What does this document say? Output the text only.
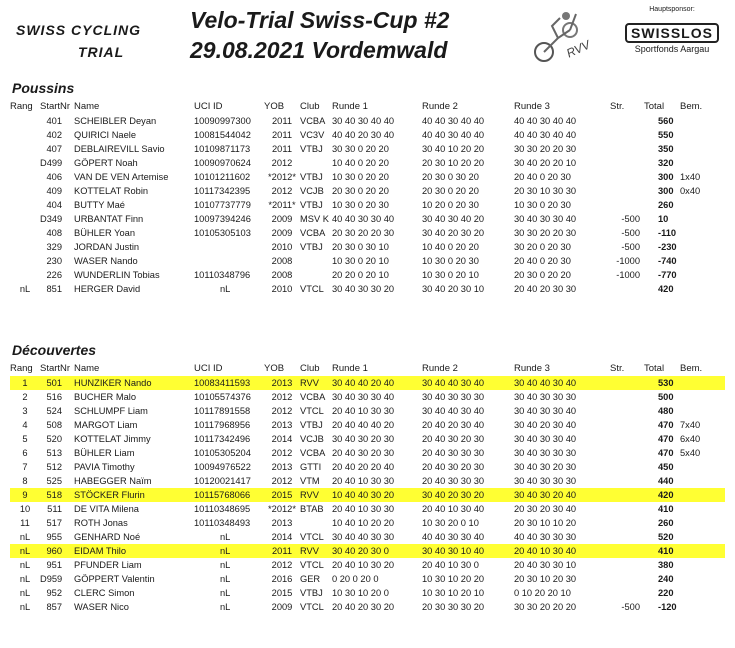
SWISS CYCLING
TRIAL
Velo-Trial Swiss-Cup #2
29.08.2021 Vordemwald	RVV
Hauptsponsor:
SWISSLOS
Sportfonds Aargau
Poussins
Rang	StartNr	Name	UCI ID	YOB	Club	Runde 1	Runde 2	Runde 3	Str.	Total	Bem.
	401	SCHEIBLER Deyan	10090997300	2011	VCBA	30 40 30 40 40	40 40 30 40 40	40 40 30 40 40		560	
	402	QUIRICI Naele	10081544042	2011	VC3V	40 40 20 30 40	40 40 30 40 40	40 40 30 40 40		550	
	407	DEBLAIREVILL Savio	10109871173	2011	VTBJ	30 30 0 20 20	30 40 10 20 20	30 30 20 20 30		350	
	D499	GÖPERT Noah	10090970624	2012		10 40 0 20 20	20 30 10 20 20	30 40 20 20 10		320	
	406	VAN DE VEN Artemise	10101211602	*2012*	VTBJ	10 30 0 20 20	20 30 0 30 20	20 40 0 20 30		300	1x40
	409	KOTTELAT Robin	10117342395	2012	VCJB	20 30 0 20 20	20 30 0 20 20	20 30 10 30 30		300	0x40
	404	BUTTY Maé	10107737779	*2011*	VTBJ	10 30 0 20 30	10 20 0 20 30	10 30 0 20 30		260	
	D349	URBANTAT Finn	10097394246	2009	MSV K	40 40 30 30 40	30 40 30 40 20	30 40 30 30 40	-500	10	
	408	BÜHLER Yoan	10105305103	2009	VCBA	20 30 20 20 30	30 40 20 30 20	30 30 20 20 30	-500	-110	
	329	JORDAN Justin		2010	VTBJ	20 30 0 30 10	10 40 0 20 20	30 20 0 20 30	-500	-230	
	230	WASER Nando		2008		10 30 0 20 10	10 30 0 20 30	20 40 0 20 30	-1000	-740	
	226	WUNDERLIN Tobias	10110348796	2008		20 20 0 20 10	10 30 0 20 10	20 30 0 20 20	-1000	-770	
nL	851	HERGER David	nL	2010	VTCL	30 40 30 30 20	30 40 20 30 10	20 40 20 30 30		420	
Découvertes
Rang	StartNr	Name	UCI ID	YOB	Club	Runde 1	Runde 2	Runde 3	Str.	Total	Bem.
1	501	HUNZIKER Nando	10083411593	2013	RVV	30 40 40 20 40	30 40 40 30 40	30 40 40 30 40		530	
2	516	BUCHER Malo	10105574376	2012	VCBA	30 40 30 30 40	30 40 30 30 30	30 40 30 30 30		500	
3	524	SCHLUMPF Liam	10117891558	2012	VTCL	20 40 10 30 30	30 40 40 30 40	30 40 30 30 40		480	
4	508	MARGOT Liam	10117968956	2013	VTBJ	20 40 40 40 20	20 40 20 30 40	30 40 20 30 40		470	7x40
5	520	KOTTELAT Jimmy	10117342496	2014	VCJB	30 40 30 20 30	20 40 30 20 30	30 40 30 30 40		470	6x40
6	513	BÜHLER Liam	10105305204	2012	VCBA	20 40 30 20 30	20 40 30 30 30	30 40 30 30 30		470	5x40
7	512	PAVIA Timothy	10094976522	2013	GTTI	20 40 20 20 40	20 40 30 20 30	30 40 30 20 30		450	
8	525	HABEGGER Naïm	10120021417	2012	VTM	20 40 10 30 30	20 40 30 30 30	30 40 30 30 30		440	
9	518	STÖCKER Flurin	10115768066	2015	RVV	10 40 40 30 20	30 40 20 30 20	30 40 30 20 40		420	
10	511	DE VITA Milena	10110348695	*2012*	BTAB	20 40 10 30 30	20 40 10 30 40	20 30 20 30 40		410	
11	517	ROTH Jonas	10110348493	2013		10 40 10 20 20	10 30 20 0 10	20 30 10 10 20		260	
nL	955	GENHARD Noé	nL	2014	VTCL	30 40 40 30 30	40 40 30 30 40	40 40 30 30 30		520	
nL	960	EIDAM Thilo	nL	2011	RVV	30 40 20 30 0	30 40 30 10 40	20 40 10 30 40		410	
nL	951	PFUNDER Liam	nL	2012	VTCL	20 40 10 30 20	20 40 10 30 0	20 40 30 30 10		380	
nL	D959	GÖPPERT Valentin	nL	2016	GER	0 20 0 20 0	10 30 10 20 20	20 30 10 20 30		240	
nL	952	CLERC Simon	nL	2015	VTBJ	10 30 10 20 0	10 30 10 20 10	0 10 20 20 10		220	
nL	857	WASER Nico	nL	2009	VTCL	20 40 20 30 20	20 30 30 30 20	30 30 20 20 20	-500	-120	
